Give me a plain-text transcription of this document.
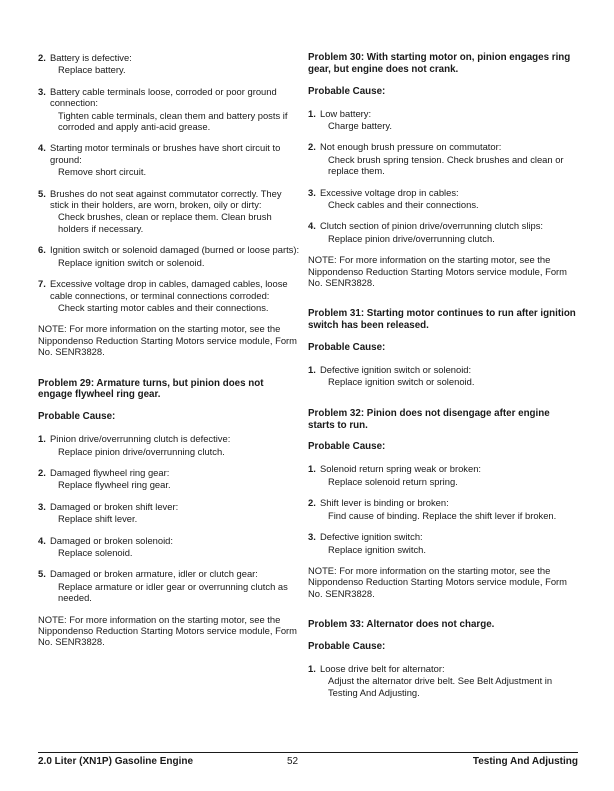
2. Battery is defective:
Replace battery.
3. Battery cable terminals loose, corroded or poor ground connection:
Tighten cable terminals, clean them and battery posts if corroded and apply anti-acid grease.
4. Starting motor terminals or brushes have short circuit to ground:
Remove short circuit.
5. Brushes do not seat against commutator correctly. They stick in their holders, are worn, broken, oily or dirty:
Check brushes, clean or replace them. Clean brush holders if necessary.
6. Ignition switch or solenoid damaged (burned or loose parts):
Replace ignition switch or solenoid.
7. Excessive voltage drop in cables, damaged cables, loose cable connections, or terminal connections corroded:
Check starting motor cables and their connections.
NOTE: For more information on the starting motor, see the Nippondenso Reduction Starting Motors service module, Form No. SENR3828.
Problem 29: Armature turns, but pinion does not engage flywheel ring gear.
Probable Cause:
1. Pinion drive/overrunning clutch is defective:
Replace pinion drive/overrunning clutch.
2. Damaged flywheel ring gear:
Replace flywheel ring gear.
3. Damaged or broken shift lever:
Replace shift lever.
4. Damaged or broken solenoid:
Replace solenoid.
5. Damaged or broken armature, idler or clutch gear:
Replace armature or idler gear or overrunning clutch as needed.
NOTE: For more information on the starting motor, see the Nippondenso Reduction Starting Motors service module, Form No. SENR3828.
Problem 30: With starting motor on, pinion engages ring gear, but engine does not crank.
Probable Cause:
1. Low battery:
Charge battery.
2. Not enough brush pressure on commutator:
Check brush spring tension. Check brushes and clean or replace them.
3. Excessive voltage drop in cables:
Check cables and their connections.
4. Clutch section of pinion drive/overrunning clutch slips:
Replace pinion drive/overrunning clutch.
NOTE: For more information on the starting motor, see the Nippondenso Reduction Starting Motors service module, Form No. SENR3828.
Problem 31: Starting motor continues to run after ignition switch has been released.
Probable Cause:
1. Defective ignition switch or solenoid:
Replace ignition switch or solenoid.
Problem 32: Pinion does not disengage after engine starts to run.
Probable Cause:
1. Solenoid return spring weak or broken:
Replace solenoid return spring.
2. Shift lever is binding or broken:
Find cause of binding. Replace the shift lever if broken.
3. Defective ignition switch:
Replace ignition switch.
NOTE: For more information on the starting motor, see the Nippondenso Reduction Starting Motors service module, Form No. SENR3828.
Problem 33: Alternator does not charge.
Probable Cause:
1. Loose drive belt for alternator:
Adjust the alternator drive belt. See Belt Adjustment in Testing And Adjusting.
2.0 Liter (XN1P) Gasoline Engine	52	Testing And Adjusting
